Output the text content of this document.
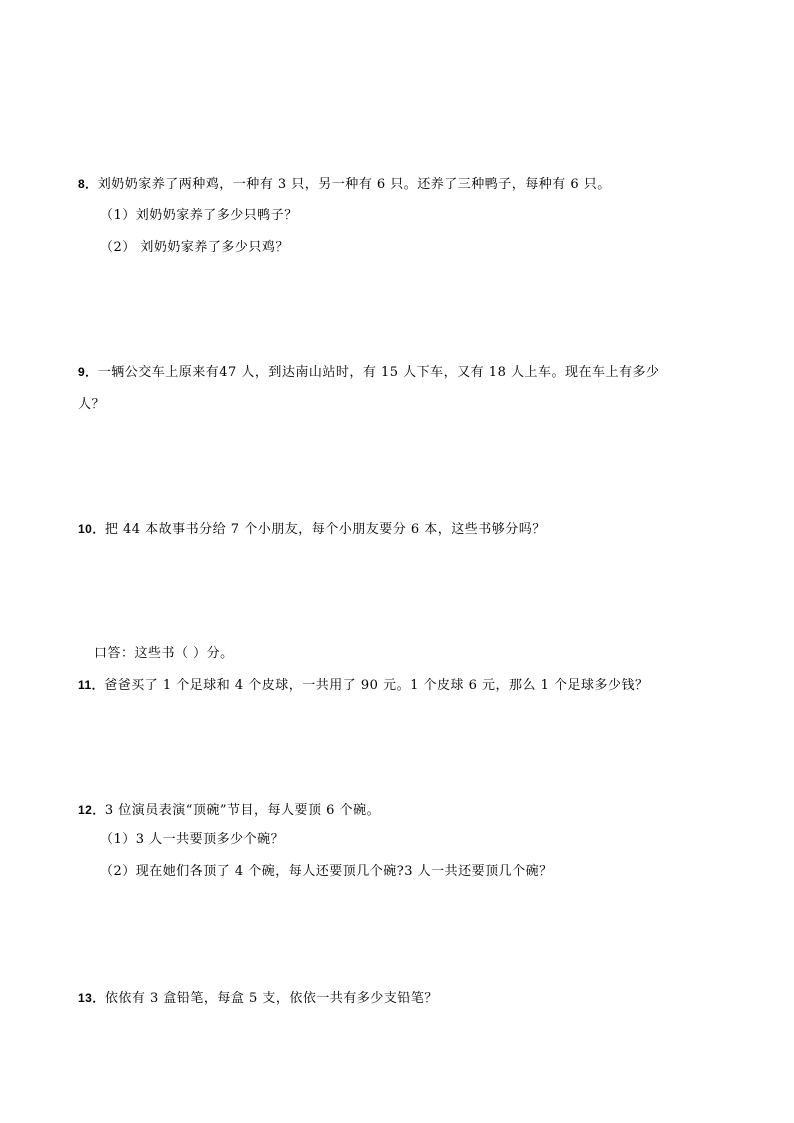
8．刘奶奶家养了两种鸡，一种有 3 只，另一种有 6 只。还养了三种鸭子，每种有 6 只。
（1）刘奶奶家养了多少只鸭子？
（2） 刘奶奶家养了多少只鸡？
9．一辆公交车上原来有47 人，到达南山站时，有 15 人下车，又有 18 人上车。现在车上有多少
人？
10．把 44 本故事书分给 7 个小朋友，每个小朋友要分 6 本，这些书够分吗？
口答：这些书（ ）分。
11．爸爸买了 1 个足球和 4 个皮球，一共用了 90 元。1 个皮球 6 元，那么 1 个足球多少钱？
12．3 位演员表演“顶碗”节目，每人要顶 6 个碗。
（1）3 人一共要顶多少个碗？
（2）现在她们各顶了 4 个碗，每人还要顶几个碗?3 人一共还要顶几个碗？
13．依依有 3 盒铅笔，每盒 5 支，依依一共有多少支铅笔？
